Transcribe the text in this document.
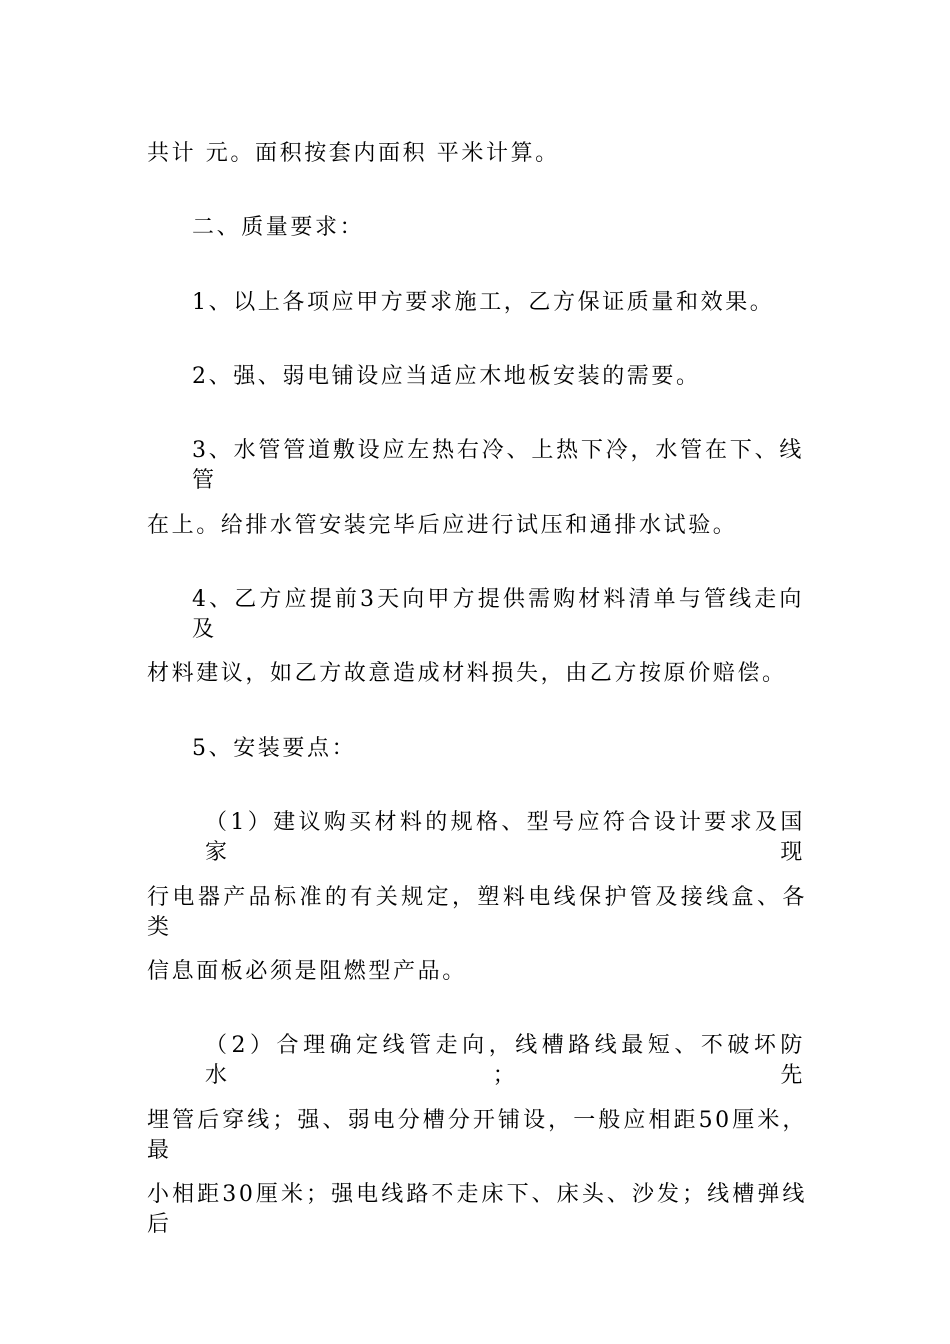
共计 元。面积按套内面积 平米计算。
二、质量要求：
1、以上各项应甲方要求施工，乙方保证质量和效果。
2、强、弱电铺设应当适应木地板安装的需要。
3、水管管道敷设应左热右冷、上热下冷，水管在下、线管
在上。给排水管安装完毕后应进行试压和通排水试验。
4、乙方应提前3天向甲方提供需购材料清单与管线走向及
材料建议，如乙方故意造成材料损失，由乙方按原价赔偿。
5、安装要点：
（1）建议购买材料的规格、型号应符合设计要求及国家现
行电器产品标准的有关规定，塑料电线保护管及接线盒、各类
信息面板必须是阻燃型产品。
（2）合理确定线管走向，线槽路线最短、不破坏防水；先
埋管后穿线；强、弱电分槽分开铺设，一般应相距50厘米，最
小相距30厘米；强电线路不走床下、床头、沙发；线槽弹线后
